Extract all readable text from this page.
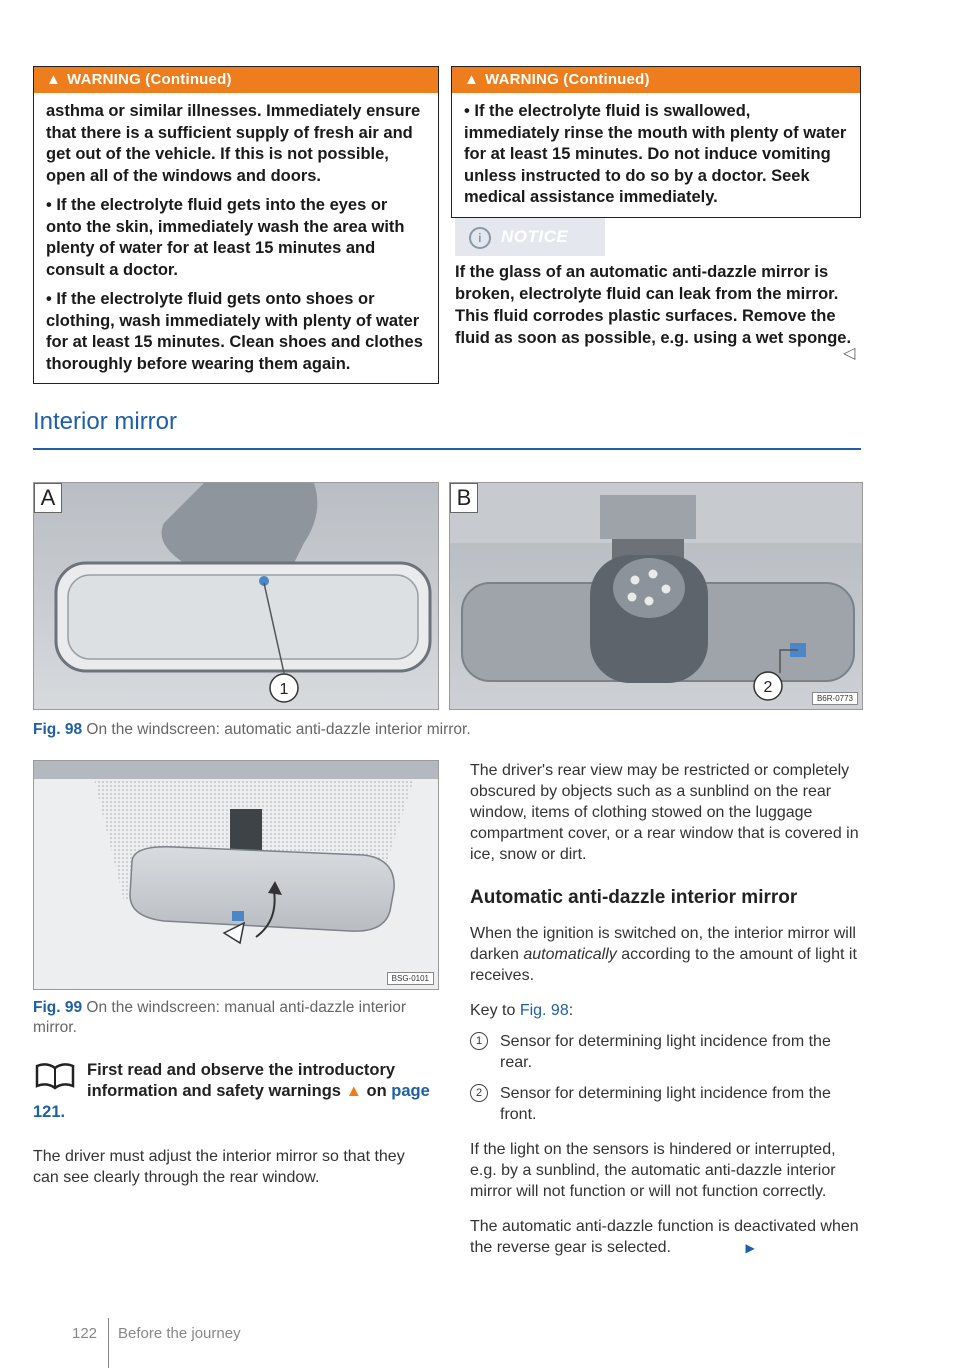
▲ WARNING (Continued)

asthma or similar illnesses. Immediately ensure that there is a sufficient supply of fresh air and get out of the vehicle. If this is not possible, open all of the windows and doors.

• If the electrolyte fluid gets into the eyes or onto the skin, immediately wash the area with plenty of water for at least 15 minutes and consult a doctor.

• If the electrolyte fluid gets onto shoes or clothing, wash immediately with plenty of water for at least 15 minutes. Clean shoes and clothes thoroughly before wearing them again.

▲ WARNING (Continued)

• If the electrolyte fluid is swallowed, immediately rinse the mouth with plenty of water for at least 15 minutes. Do not induce vomiting unless instructed to do so by a doctor. Seek medical assistance immediately.

i NOTICE

If the glass of an automatic anti-dazzle mirror is broken, electrolyte fluid can leak from the mirror. This fluid corrodes plastic surfaces. Remove the fluid as soon as possible, e.g. using a wet sponge.

◁
Interior mirror
1
A
2
B
B6R-0773
Fig. 98 On the windscreen: automatic anti-dazzle interior mirror.
BSG-0101
Fig. 99 On the windscreen: manual anti-dazzle interior mirror.
First read and observe the introductory information and safety warnings ▲ on page 121.

The driver must adjust the interior mirror so that they can see clearly through the rear window.

The driver's rear view may be restricted or completely obscured by objects such as a sunblind on the rear window, items of clothing stowed on the luggage compartment cover, or a rear window that is covered in ice, snow or dirt.

Automatic anti-dazzle interior mirror

When the ignition is switched on, the interior mirror will darken automatically according to the amount of light it receives.

Key to Fig. 98:

1	Sensor for determining light incidence from the rear.
2	Sensor for determining light incidence from the front.

If the light on the sensors is hindered or interrupted, e.g. by a sunblind, the automatic anti-dazzle interior mirror will not function or will not function correctly.

The automatic anti-dazzle function is deactivated when the reverse gear is selected.	▶

122 Before the journey
